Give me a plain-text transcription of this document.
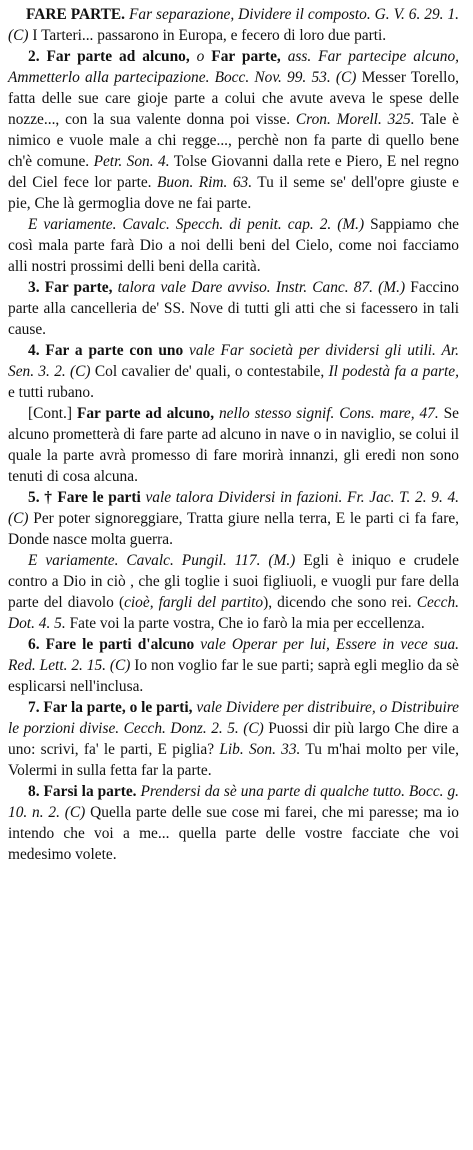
FARE PARTE. Far separazione, Dividere il composto. G. V. 6. 29. 1. (C) I Tarteri... passarono in Europa, e fecero di loro due parti.

2. Far parte ad alcuno, o Far parte, ass. Far partecipe alcuno, Ammetterlo alla partecipazione. Bocc. Nov. 99. 53. (C) Messer Torello, fatta delle sue care gioje parte a colui che avute aveva le spese delle nozze..., con la sua valente donna poi visse. Cron. Morell. 325. Tale è nimico e vuole male a chi regge..., perchè non fa parte di quello bene ch'è comune. Petr. Son. 4. Tolse Giovanni dalla rete e Piero, E nel regno del Ciel fece lor parte. Buon. Rim. 63. Tu il seme se' dell'opre giuste e pie, Che là germoglia dove ne fai parte.

E variamente. Cavalc. Specch. di penit. cap. 2. (M.) Sappiamo che così mala parte farà Dio a noi delli beni del Cielo, come noi facciamo alli nostri prossimi delli beni della carità.

3. Far parte, talora vale Dare avviso. Instr. Canc. 87. (M.) Faccino parte alla cancelleria de' SS. Nove di tutti gli atti che si facessero in tali cause.

4. Far a parte con uno vale Far società per dividersi gli utili. Ar. Sen. 3. 2. (C) Col cavalier de' quali, o contestabile, Il podestà fa a parte, e tutti rubano.

[Cont.] Far parte ad alcuno, nello stesso signif. Cons. mare, 47. Se alcuno prometterà di fare parte ad alcuno in nave o in naviglio, se colui il quale la parte avrà promesso di fare morirà innanzi, gli eredi non sono tenuti di cosa alcuna.

5. † Fare le parti vale talora Dividersi in fazioni. Fr. Jac. T. 2. 9. 4. (C) Per poter signoreggiare, Tratta giure nella terra, E le parti ci fa fare, Donde nasce molta guerra.

E variamente. Cavalc. Pungil. 117. (M.) Egli è iniquo e crudele contro a Dio in ciò , che gli toglie i suoi figliuoli, e vuogli pur fare della parte del diavolo (cioè, fargli del partito), dicendo che sono rei. Cecch. Dot. 4. 5. Fate voi la parte vostra, Che io farò la mia per eccellenza.

6. Fare le parti d'alcuno vale Operar per lui, Essere in vece sua. Red. Lett. 2. 15. (C) Io non voglio far le sue parti; saprà egli meglio da sè esplicarsi nell'inclusa.

7. Far la parte, o le parti, vale Dividere per distribuire, o Distribuire le porzioni divise. Cecch. Donz. 2. 5. (C) Puossi dir più largo Che dire a uno: scrivi, fa' le parti, E piglia? Lib. Son. 33. Tu m'hai molto per vile, Volermi in sulla fetta far la parte.

8. Farsi la parte. Prendersi da sè una parte di qualche tutto. Bocc. g. 10. n. 2. (C) Quella parte delle sue cose mi farei, che mi paresse; ma io intendo che voi a me... quella parte delle vostre facciate che voi medesimo volete.
